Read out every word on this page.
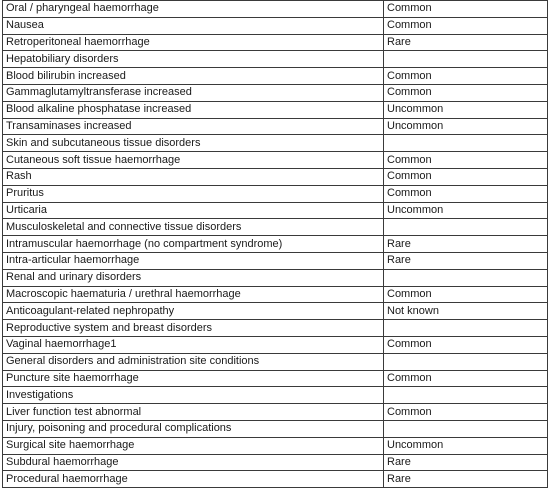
Oral / pharyngeal haemorrhage	Common
Nausea	Common
Retroperitoneal haemorrhage	Rare
Hepatobiliary disorders	
Blood bilirubin increased	Common
Gammaglutamyltransferase increased	Common
Blood alkaline phosphatase increased	Uncommon
Transaminases increased	Uncommon
Skin and subcutaneous tissue disorders	
Cutaneous soft tissue haemorrhage	Common
Rash	Common
Pruritus	Common
Urticaria	Uncommon
Musculoskeletal and connective tissue disorders	
Intramuscular haemorrhage (no compartment syndrome)	Rare
Intra-articular haemorrhage	Rare
Renal and urinary disorders	
Macroscopic haematuria / urethral haemorrhage	Common
Anticoagulant-related nephropathy	Not known
Reproductive system and breast disorders	
Vaginal haemorrhage1	Common
General disorders and administration site conditions	
Puncture site haemorrhage	Common
Investigations	
Liver function test abnormal	Common
Injury, poisoning and procedural complications	
Surgical site haemorrhage	Uncommon
Subdural haemorrhage	Rare
Procedural haemorrhage	Rare
